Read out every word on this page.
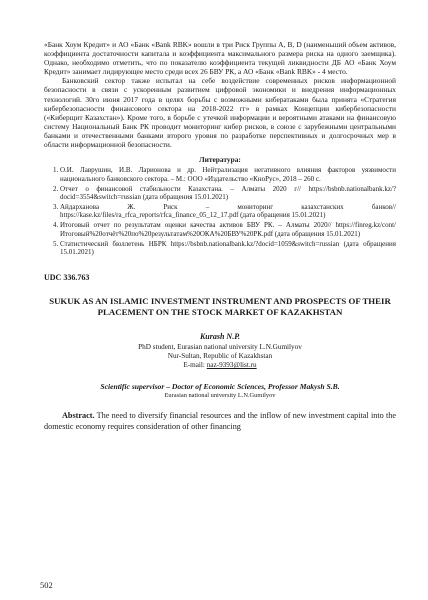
«Банк Хоум Кредит» и АО «Банк «Bank RBK» вошли в три Риск Группы А, B, D (наименьший объем активов, коэффициента достаточности капитала и коэффициента максимального размера риска на одного заемщика). Однако, необходимо отметить, что по показателю коэффициента текущей ликвидности ДБ АО «Банк Хоум Кредит» занимает лидирующее место среди всех 26 БВУ РК, а АО «Банк «Bank RBK» - 4 место.

Банковский сектор также испытал на себе воздействие современных рисков информационной безопасности в связи с ускоренным развитием цифровой экономики и внедрения информационных технологий. 30го июня 2017 года в целях борьбы с возможными кибератаками была принята «Стратегия кибербезопасности финансового сектора на 2018-2022 гг» в рамках Концепции кибербезопасности («Киберщит Казахстан»). Кроме того, в борьбе с утечкой информации и вероятными атаками на финансовую систему Национальный Банк РК проводит мониторинг кибер рисков, в союзе с зарубежными центральными банками и отечественными банками второго уровня по разработке перспективных и долгосрочных мер в области информационной безопасности.

Литература:
1. О.И. Лаврушин, И.В. Ларионова и др. Нейтрализация негативного влияния факторов уязвимости национального банковского сектора. – М.: ООО «Издательство «КноРус», 2018 – 260 с.
2. Отчет о финансовой стабильности Казахстана. – Алматы 2020 г// https://bsbnb.nationalbank.kz/?docid=3554&switch=russian (дата обращения 15.01.2021)
3. Айдарханова Ж. Риск – мониторинг казахстанских банков// https://kase.kz/files/ra_rfca_reports/rfca_finance_05_12_17.pdf (дата обращения 15.01.2021)
4. Итоговый отчет по результатам оценки качества активов БВУ РК. – Алматы 2020// https://finreg.kz/cont/Итоговый%20отчёт%20по%20результатам%20ОКА%20БВУ%20РК.pdf (дата обращения 15.01.2021)
5. Статистический бюллетень НБРК https://bsbnb.nationalbank.kz/?docid=1059&switch=russian (дата обращения 15.01.2021)
UDC 336.763
SUKUK AS AN ISLAMIC INVESTMENT INSTRUMENT AND PROSPECTS OF THEIR PLACEMENT ON THE STOCK MARKET OF KAZAKHSTAN
Kurash N.P.
PhD student, Eurasian national university L.N.Gumilyov
Nur-Sultan, Republic of Kazakhstan
E-mail: naz-9393@list.ru
Scientific supervisor – Doctor of Economic Sciences, Professor Makysh S.B.
Eurasian national university L.N.Gumilyov

Abstract. The need to diversify financial resources and the inflow of new investment capital into the domestic economy requires consideration of other financing

502
